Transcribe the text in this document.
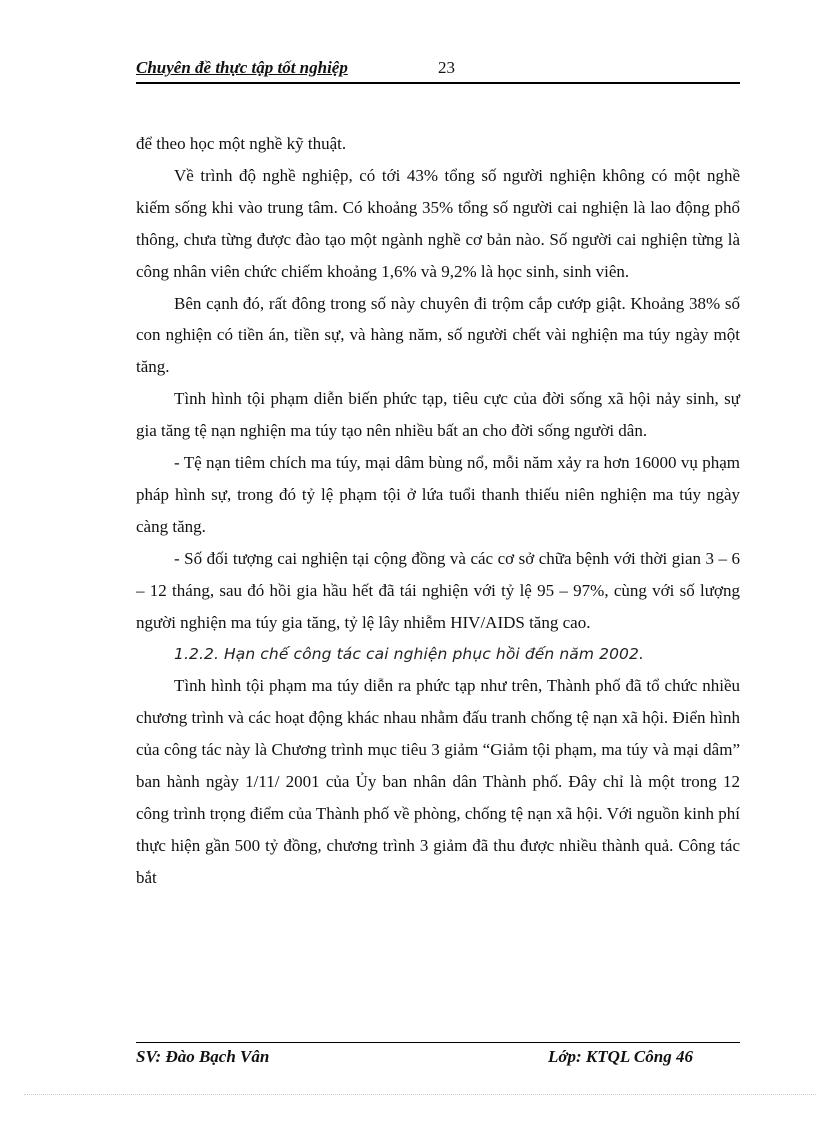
Chuyên đề thực tập tốt nghiệp	23

để theo học một nghề kỹ thuật.

Về trình độ nghề nghiệp, có tới 43% tổng số người nghiện không có một nghề kiếm sống khi vào trung tâm. Có khoảng 35% tổng số người cai nghiện là lao động phổ thông, chưa từng được đào tạo một ngành nghề cơ bản nào. Số người cai nghiện từng là công nhân viên chức chiếm khoảng 1,6% và 9,2% là học sinh, sinh viên.

Bên cạnh đó, rất đông trong số này chuyên đi trộm cắp cướp giật. Khoảng 38% số con nghiện có tiền án, tiền sự, và hàng năm, số người chết vài nghiện ma túy ngày một tăng.

Tình hình tội phạm diễn biến phức tạp, tiêu cực của đời sống xã hội nảy sinh, sự gia tăng tệ nạn nghiện ma túy tạo nên nhiều bất an cho đời sống người dân.

- Tệ nạn tiêm chích ma túy, mại dâm bùng nổ, mỗi năm xảy ra hơn 16000 vụ phạm pháp hình sự, trong đó tỷ lệ phạm tội ở lứa tuổi thanh thiếu niên nghiện ma túy ngày càng tăng.

- Số đối tượng cai nghiện tại cộng đồng và các cơ sở chữa bệnh với thời gian 3 – 6 – 12 tháng, sau đó hồi gia hầu hết đã tái nghiện với tỷ lệ 95 – 97%, cùng với số lượng người nghiện ma túy gia tăng, tỷ lệ lây nhiễm HIV/AIDS tăng cao.

1.2.2. Hạn chế công tác cai nghiện phục hồi đến năm 2002.

Tình hình tội phạm ma túy diễn ra phức tạp như trên, Thành phố đã tổ chức nhiều chương trình và các hoạt động khác nhau nhằm đấu tranh chống tệ nạn xã hội. Điển hình của công tác này là Chương trình mục tiêu 3 giảm “Giảm tội phạm, ma túy và mại dâm” ban hành ngày 1/11/ 2001 của Ủy ban nhân dân Thành phố. Đây chỉ là một trong 12 công trình trọng điểm của Thành phố về phòng, chống tệ nạn xã hội. Với nguồn kinh phí thực hiện gần 500 tỷ đồng, chương trình 3 giảm đã thu được nhiều thành quả. Công tác bắt

SV: Đào Bạch Vân	Lớp: KTQL Công 46
